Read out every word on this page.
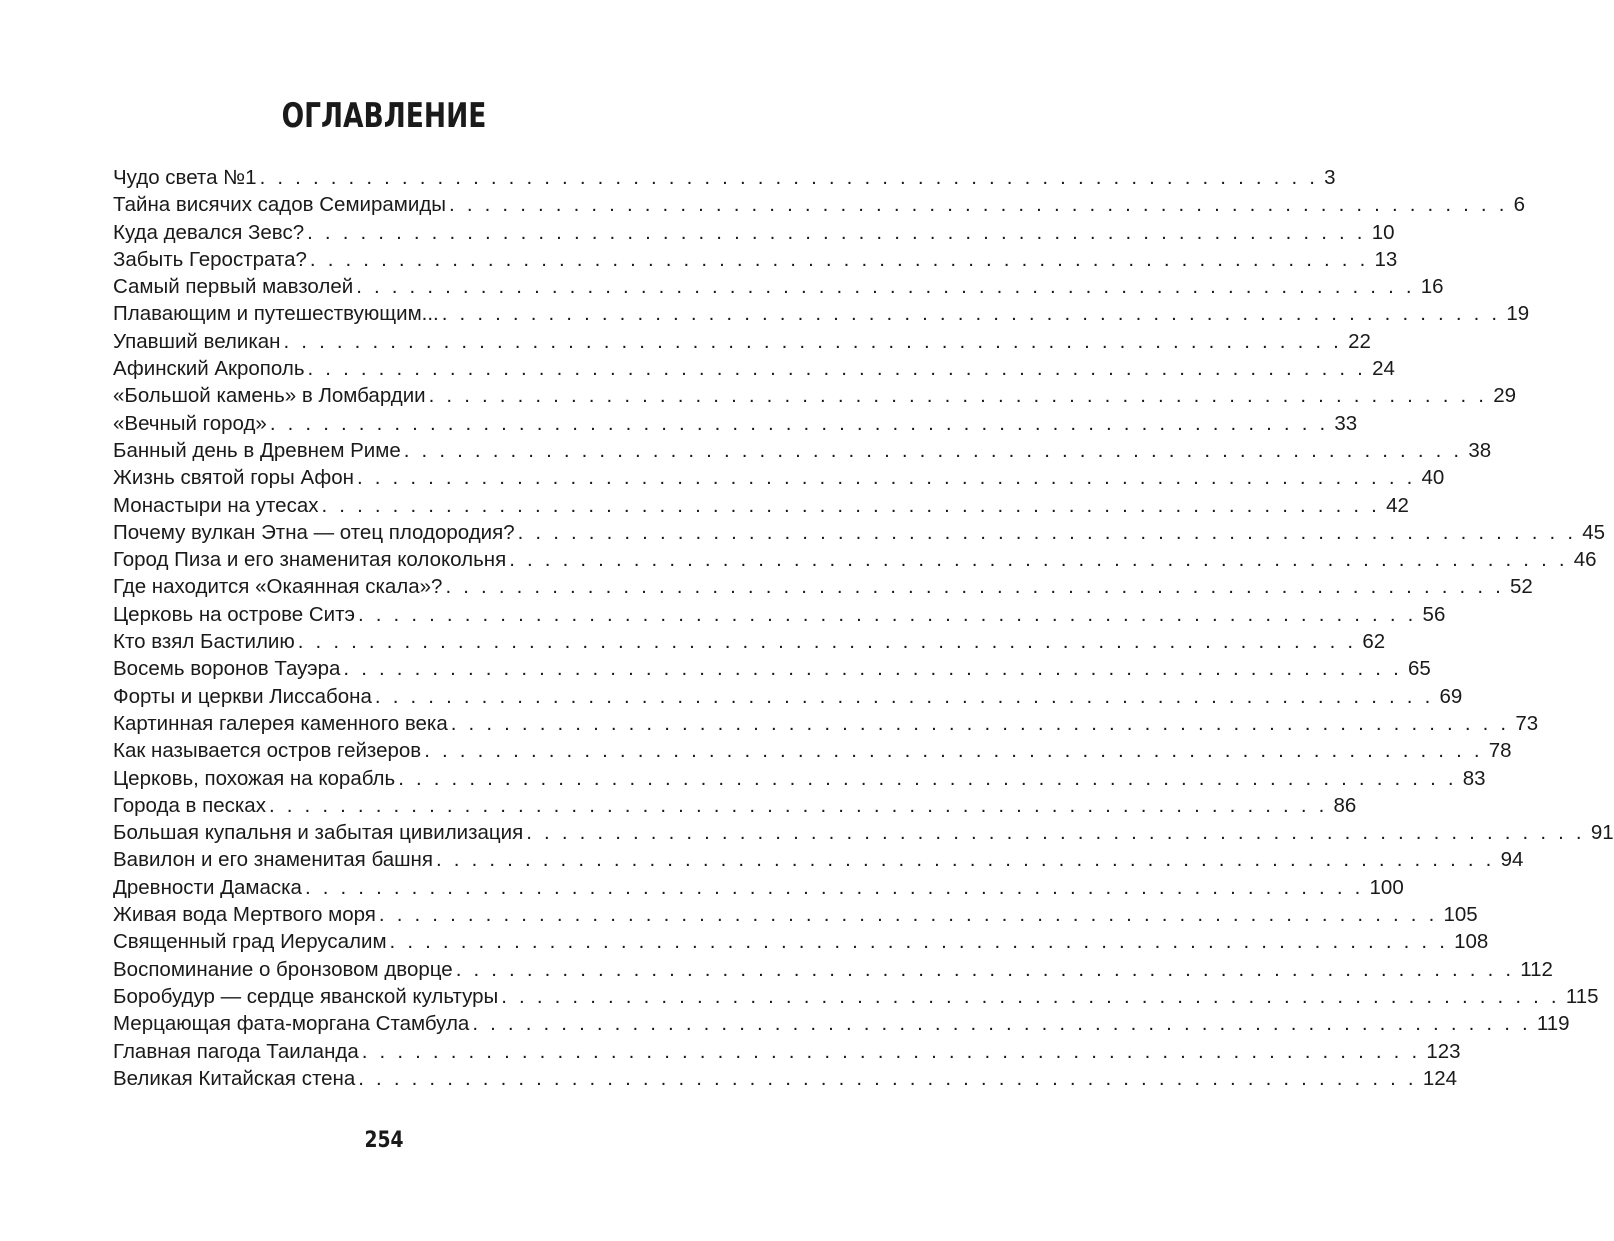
ОГЛАВЛЕНИЕ
Чудо света №1 . . . . . . . . . . . . . . . . . . . . . . . . . . . . . . . . . . . . . . . . . . . . . . . . . . . . . . . . . . . . 3
Тайна висячих садов Семирамиды . . . . . . . . . . . . . . . . . . . . . . . . . . . . . . . . . . . . . . . . . . . . . . . . . . . . . . . . . . . . 6
Куда девался Зевс? . . . . . . . . . . . . . . . . . . . . . . . . . . . . . . . . . . . . . . . . . . . . . . . . . . . . . . . . . . . . 10
Забыть Герострата? . . . . . . . . . . . . . . . . . . . . . . . . . . . . . . . . . . . . . . . . . . . . . . . . . . . . . . . . . . . . 13
Самый первый мавзолей . . . . . . . . . . . . . . . . . . . . . . . . . . . . . . . . . . . . . . . . . . . . . . . . . . . . . . . . . . . . 16
Плавающим и путешествующим... . . . . . . . . . . . . . . . . . . . . . . . . . . . . . . . . . . . . . . . . . . . . . . . . . . . . . . . . . . . . 19
Упавший великан . . . . . . . . . . . . . . . . . . . . . . . . . . . . . . . . . . . . . . . . . . . . . . . . . . . . . . . . . . . . 22
Афинский Акрополь . . . . . . . . . . . . . . . . . . . . . . . . . . . . . . . . . . . . . . . . . . . . . . . . . . . . . . . . . . . . 24
«Большой камень» в Ломбардии . . . . . . . . . . . . . . . . . . . . . . . . . . . . . . . . . . . . . . . . . . . . . . . . . . . . . . . . . . . . 29
«Вечный город» . . . . . . . . . . . . . . . . . . . . . . . . . . . . . . . . . . . . . . . . . . . . . . . . . . . . . . . . . . . . 33
Банный день в Древнем Риме . . . . . . . . . . . . . . . . . . . . . . . . . . . . . . . . . . . . . . . . . . . . . . . . . . . . . . . . . . . . 38
Жизнь святой горы Афон . . . . . . . . . . . . . . . . . . . . . . . . . . . . . . . . . . . . . . . . . . . . . . . . . . . . . . . . . . . . 40
Монастыри на утесах . . . . . . . . . . . . . . . . . . . . . . . . . . . . . . . . . . . . . . . . . . . . . . . . . . . . . . . . . . . . 42
Почему вулкан Этна — отец плодородия? . . . . . . . . . . . . . . . . . . . . . . . . . . . . . . . . . . . . . . . . . . . . . . . . . . . . . . . . . . . . 45
Город Пиза и его знаменитая колокольня . . . . . . . . . . . . . . . . . . . . . . . . . . . . . . . . . . . . . . . . . . . . . . . . . . . . . . . . . . . . 46
Где находится «Окаянная скала»? . . . . . . . . . . . . . . . . . . . . . . . . . . . . . . . . . . . . . . . . . . . . . . . . . . . . . . . . . . . . 52
Церковь на острове Ситэ . . . . . . . . . . . . . . . . . . . . . . . . . . . . . . . . . . . . . . . . . . . . . . . . . . . . . . . . . . . . 56
Кто взял Бастилию . . . . . . . . . . . . . . . . . . . . . . . . . . . . . . . . . . . . . . . . . . . . . . . . . . . . . . . . . . . . 62
Восемь воронов Тауэра . . . . . . . . . . . . . . . . . . . . . . . . . . . . . . . . . . . . . . . . . . . . . . . . . . . . . . . . . . . . 65
Форты и церкви Лиссабона . . . . . . . . . . . . . . . . . . . . . . . . . . . . . . . . . . . . . . . . . . . . . . . . . . . . . . . . . . . . 69
Картинная галерея каменного века . . . . . . . . . . . . . . . . . . . . . . . . . . . . . . . . . . . . . . . . . . . . . . . . . . . . . . . . . . . . 73
Как называется остров гейзеров . . . . . . . . . . . . . . . . . . . . . . . . . . . . . . . . . . . . . . . . . . . . . . . . . . . . . . . . . . . . 78
Церковь, похожая на корабль . . . . . . . . . . . . . . . . . . . . . . . . . . . . . . . . . . . . . . . . . . . . . . . . . . . . . . . . . . . . 83
Города в песках . . . . . . . . . . . . . . . . . . . . . . . . . . . . . . . . . . . . . . . . . . . . . . . . . . . . . . . . . . . . 86
Большая купальня и забытая цивилизация . . . . . . . . . . . . . . . . . . . . . . . . . . . . . . . . . . . . . . . . . . . . . . . . . . . . . . . . . . . . 91
Вавилон и его знаменитая башня . . . . . . . . . . . . . . . . . . . . . . . . . . . . . . . . . . . . . . . . . . . . . . . . . . . . . . . . . . . . 94
Древности Дамаска . . . . . . . . . . . . . . . . . . . . . . . . . . . . . . . . . . . . . . . . . . . . . . . . . . . . . . . . . . . . 100
Живая вода Мертвого моря . . . . . . . . . . . . . . . . . . . . . . . . . . . . . . . . . . . . . . . . . . . . . . . . . . . . . . . . . . . . 105
Священный град Иерусалим . . . . . . . . . . . . . . . . . . . . . . . . . . . . . . . . . . . . . . . . . . . . . . . . . . . . . . . . . . . . 108
Воспоминание о бронзовом дворце . . . . . . . . . . . . . . . . . . . . . . . . . . . . . . . . . . . . . . . . . . . . . . . . . . . . . . . . . . . . 112
Боробудур — сердце яванской культуры . . . . . . . . . . . . . . . . . . . . . . . . . . . . . . . . . . . . . . . . . . . . . . . . . . . . . . . . . . . . 115
Мерцающая фата-моргана Стамбула . . . . . . . . . . . . . . . . . . . . . . . . . . . . . . . . . . . . . . . . . . . . . . . . . . . . . . . . . . . . 119
Главная пагода Таиланда . . . . . . . . . . . . . . . . . . . . . . . . . . . . . . . . . . . . . . . . . . . . . . . . . . . . . . . . . . . . 123
Великая Китайская стена . . . . . . . . . . . . . . . . . . . . . . . . . . . . . . . . . . . . . . . . . . . . . . . . . . . . . . . . . . . . 124
254
